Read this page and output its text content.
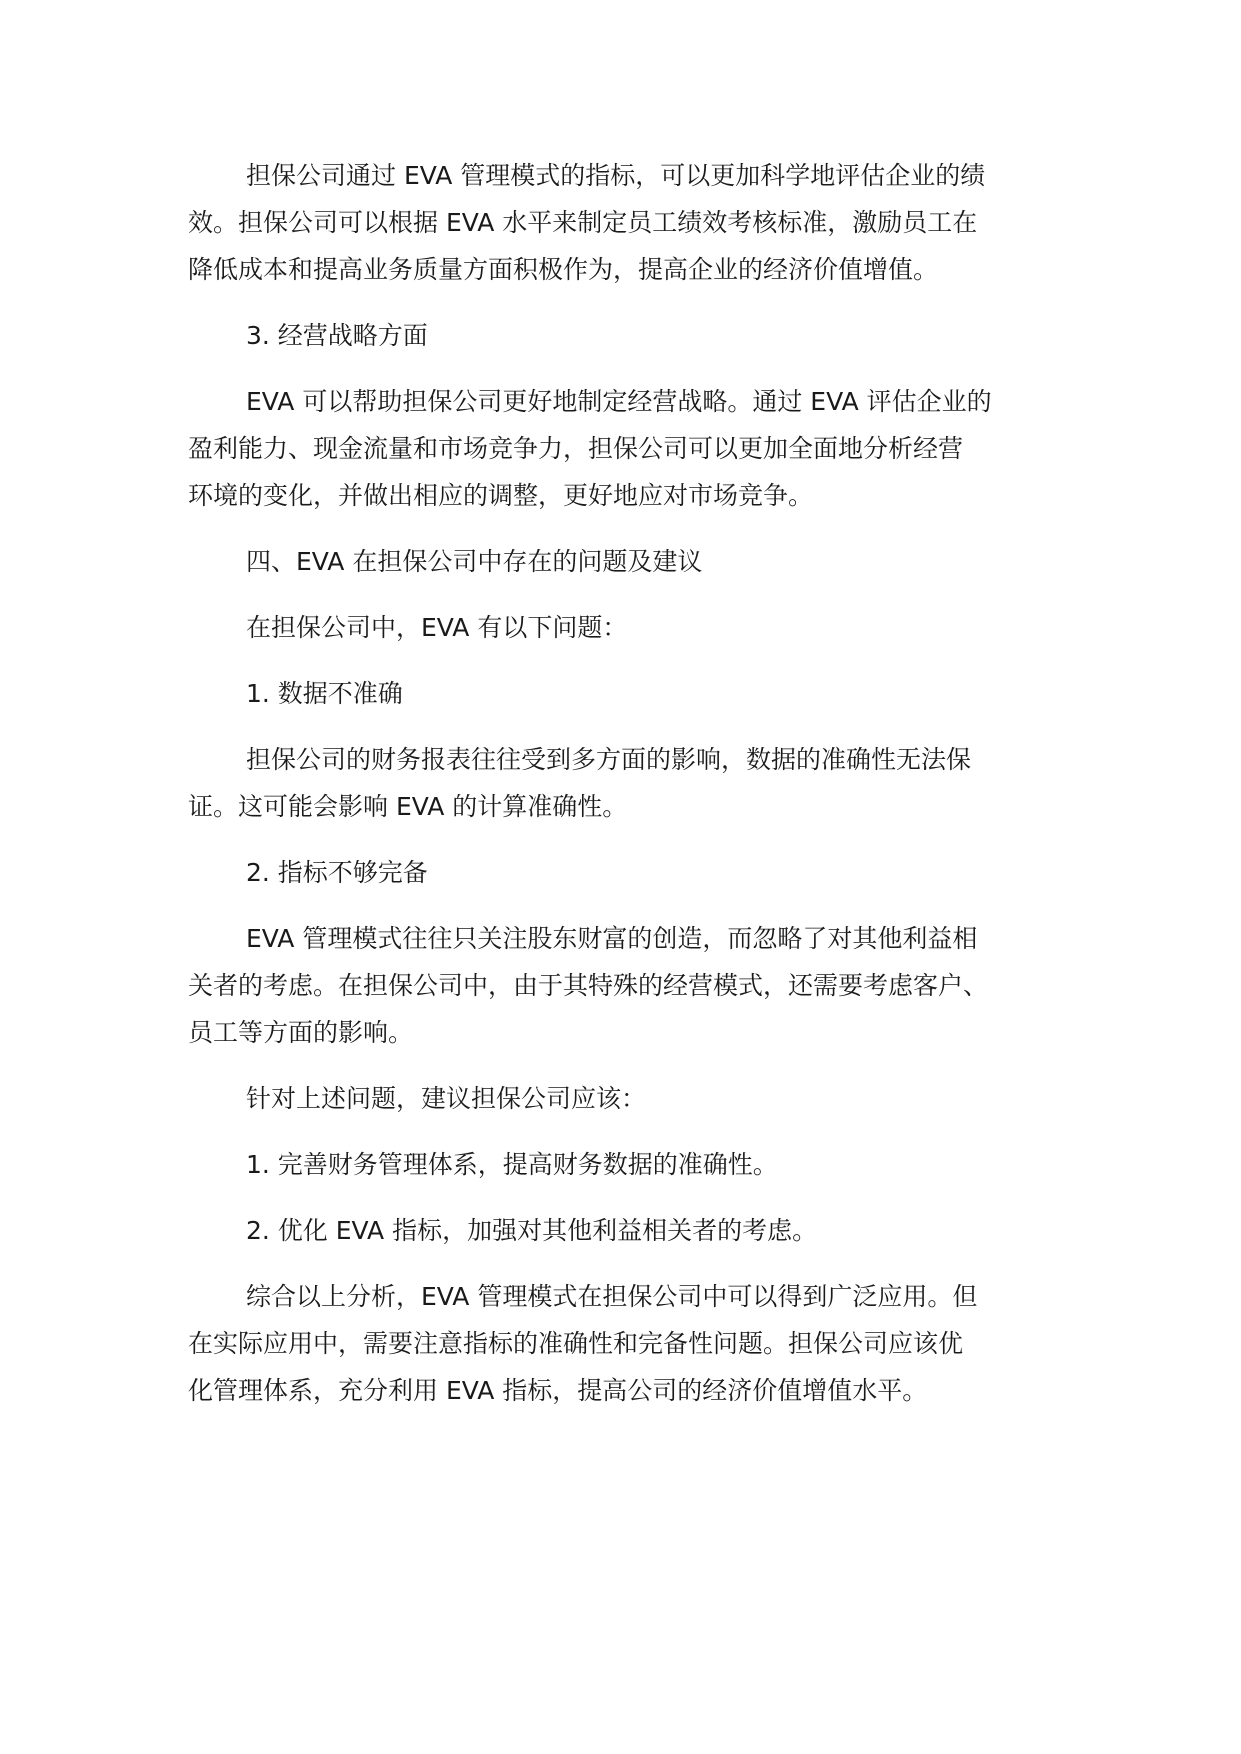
担保公司通过 EVA 管理模式的指标，可以更加科学地评估企业的绩
效。担保公司可以根据 EVA 水平来制定员工绩效考核标准，激励员工在
降低成本和提高业务质量方面积极作为，提高企业的经济价值增值。

3. 经营战略方面

EVA 可以帮助担保公司更好地制定经营战略。通过 EVA 评估企业的
盈利能力、现金流量和市场竞争力，担保公司可以更加全面地分析经营
环境的变化，并做出相应的调整，更好地应对市场竞争。

四、EVA 在担保公司中存在的问题及建议

在担保公司中，EVA 有以下问题：

1. 数据不准确

担保公司的财务报表往往受到多方面的影响，数据的准确性无法保
证。这可能会影响 EVA 的计算准确性。

2. 指标不够完备

EVA 管理模式往往只关注股东财富的创造，而忽略了对其他利益相
关者的考虑。在担保公司中，由于其特殊的经营模式，还需要考虑客户、
员工等方面的影响。

针对上述问题，建议担保公司应该：

1. 完善财务管理体系，提高财务数据的准确性。

2. 优化 EVA 指标，加强对其他利益相关者的考虑。

综合以上分析，EVA 管理模式在担保公司中可以得到广泛应用。但
在实际应用中，需要注意指标的准确性和完备性问题。担保公司应该优
化管理体系，充分利用 EVA 指标，提高公司的经济价值增值水平。
